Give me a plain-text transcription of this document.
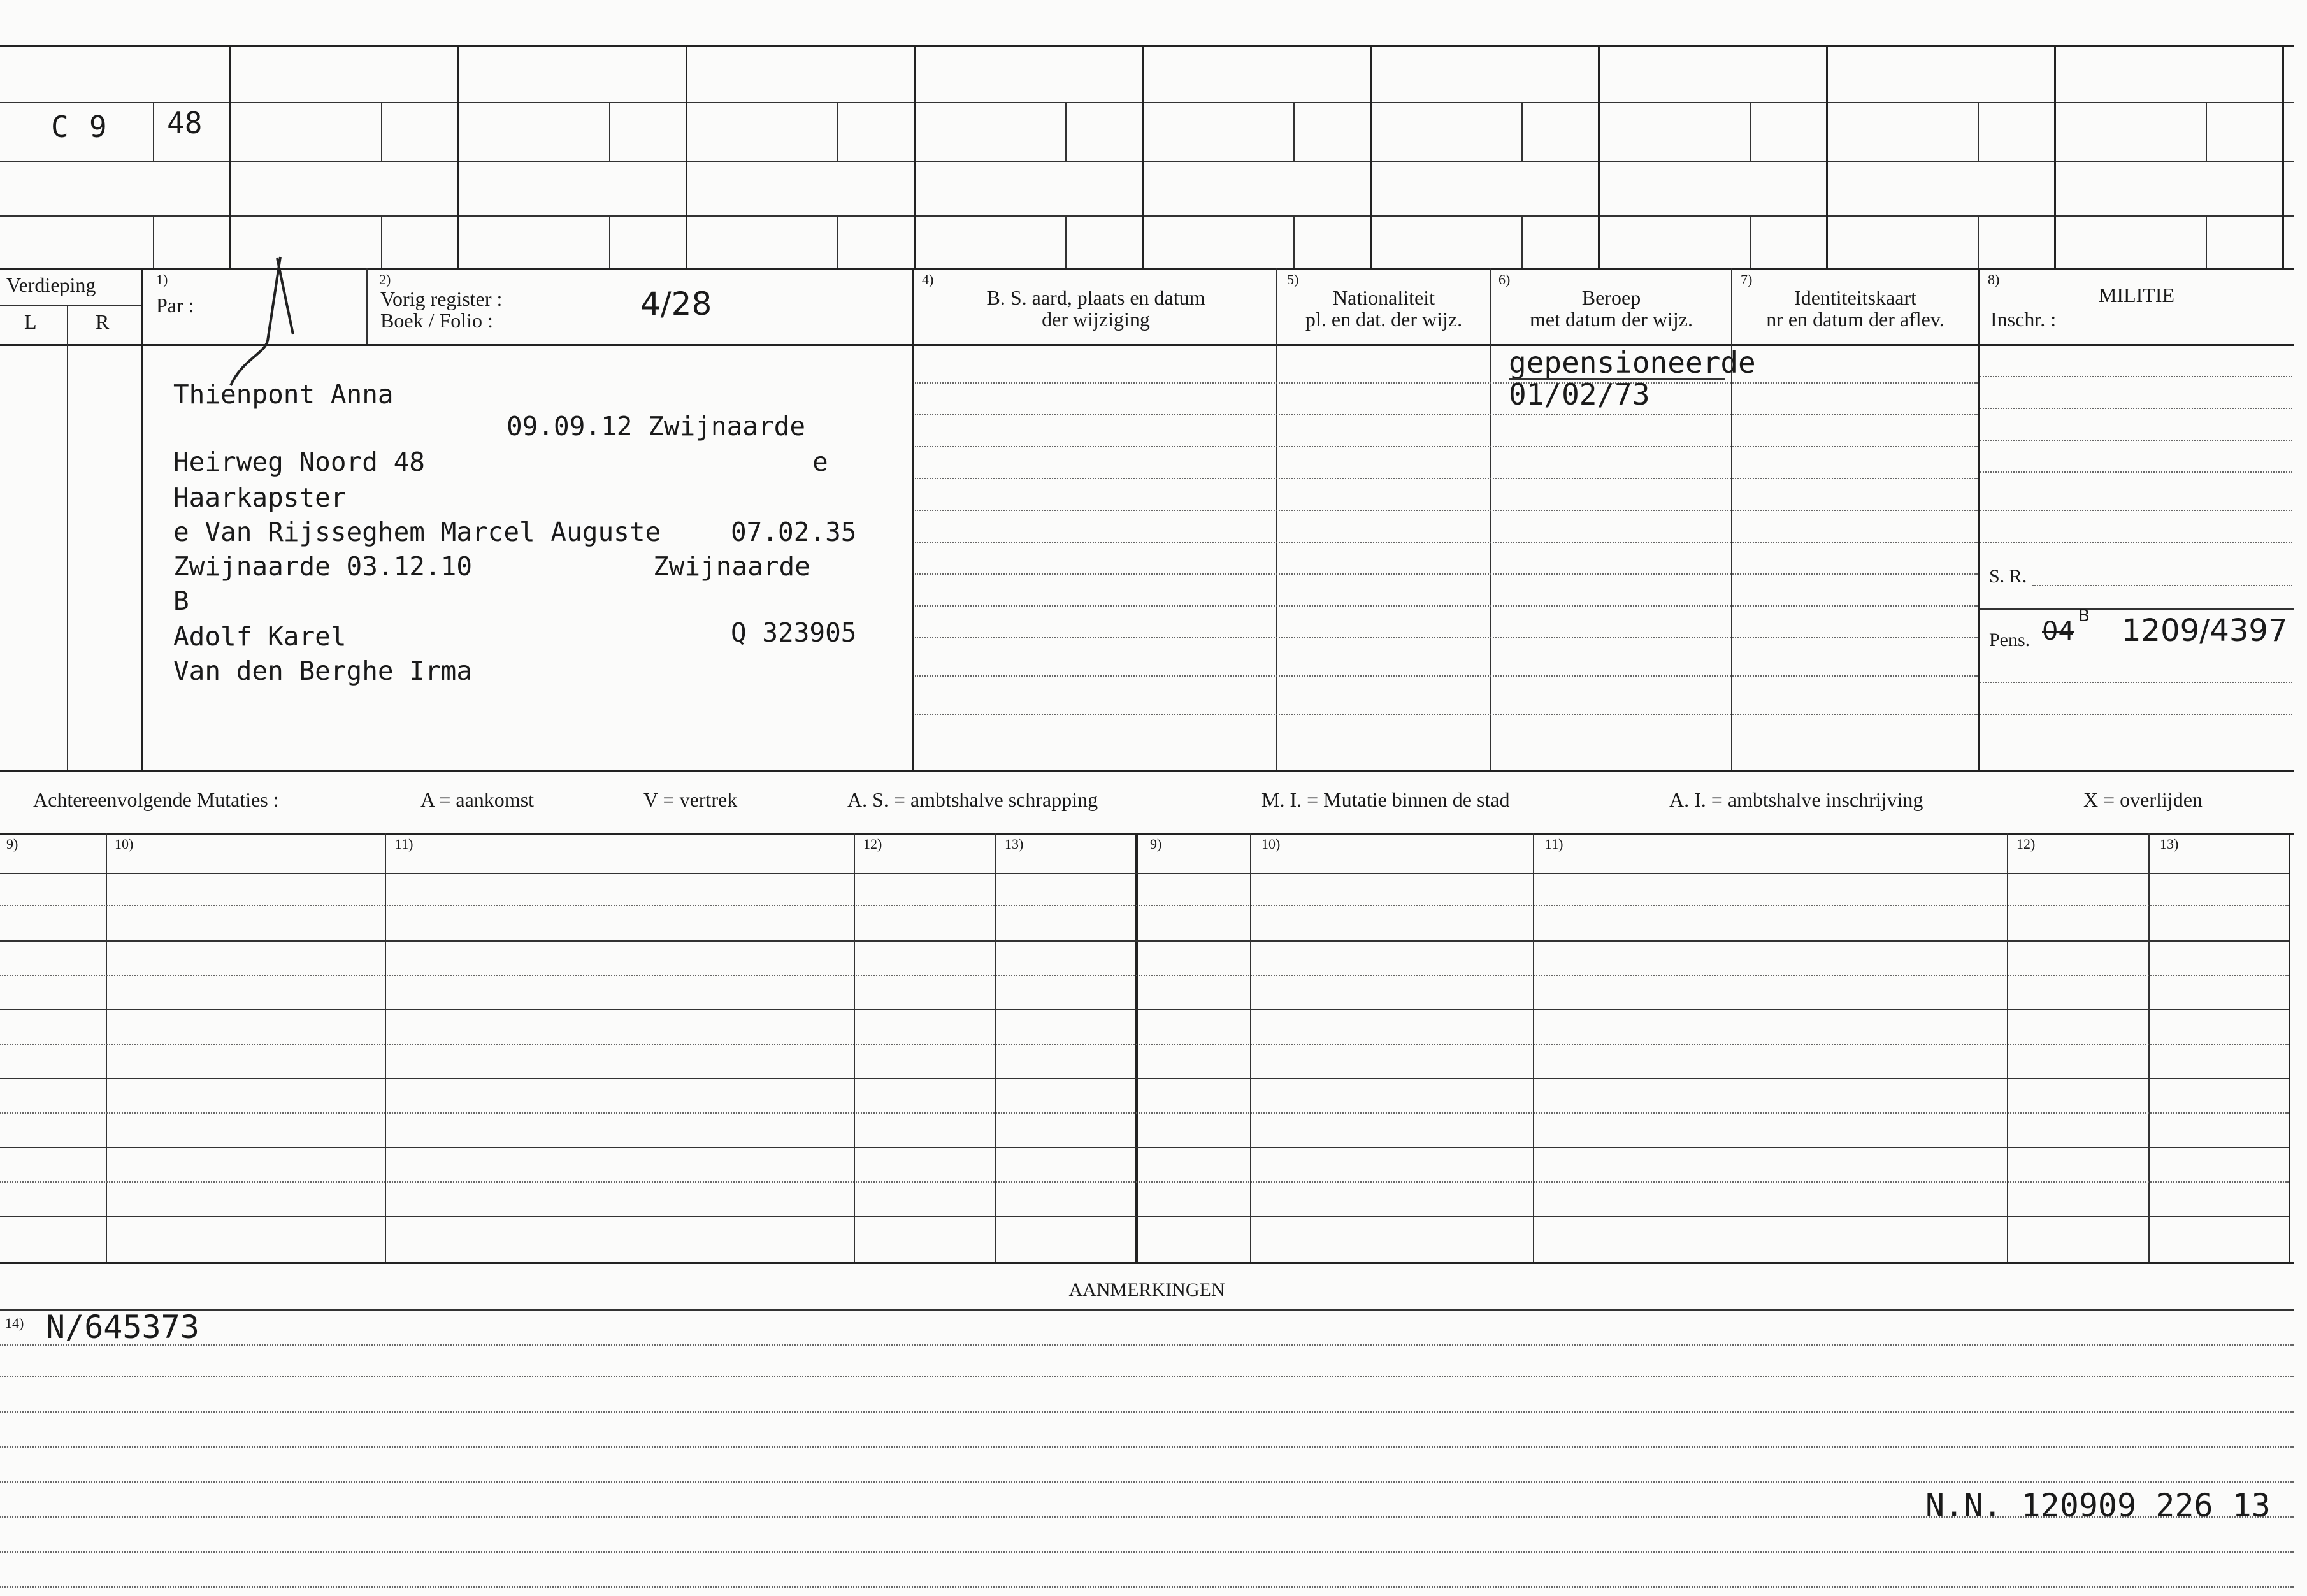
C 9 48
Verdieping
L	R
1)
Par :
2)
Vorig register :
Boek / Folio :	4/28
4)
B. S. aard, plaats en datum
der wijziging
5)
Nationaliteit
pl. en dat. der wijz.
6)
Beroep
met datum der wijz.
7)
Identiteitskaart
nr en datum der aflev.
8)
MILITIE
Inschr. :
Thienpont Anna
09.09.12 Zwijnaarde
Heirweg Noord 48	e
Haarkapster
e Van Rijsseghem Marcel Auguste	07.02.35
Zwijnaarde 03.12.10	Zwijnaarde
B
Adolf Karel	Q 323905
Van den Berghe Irma
gepensioneerde
01/02/73
S. R.
Pens. 04
B 1209/4397
Achtereenvolgende Mutaties :	A = aankomst	V = vertrek	A. S. = ambtshalve schrapping	M. I. = Mutatie binnen de stad	A. I. = ambtshalve inschrijving	X = overlijden
9)	10)	11)	12)	13)	9)	10)	11)	12)	13)
AANMERKINGEN
14) N/645373
N.N. 120909 226 13
